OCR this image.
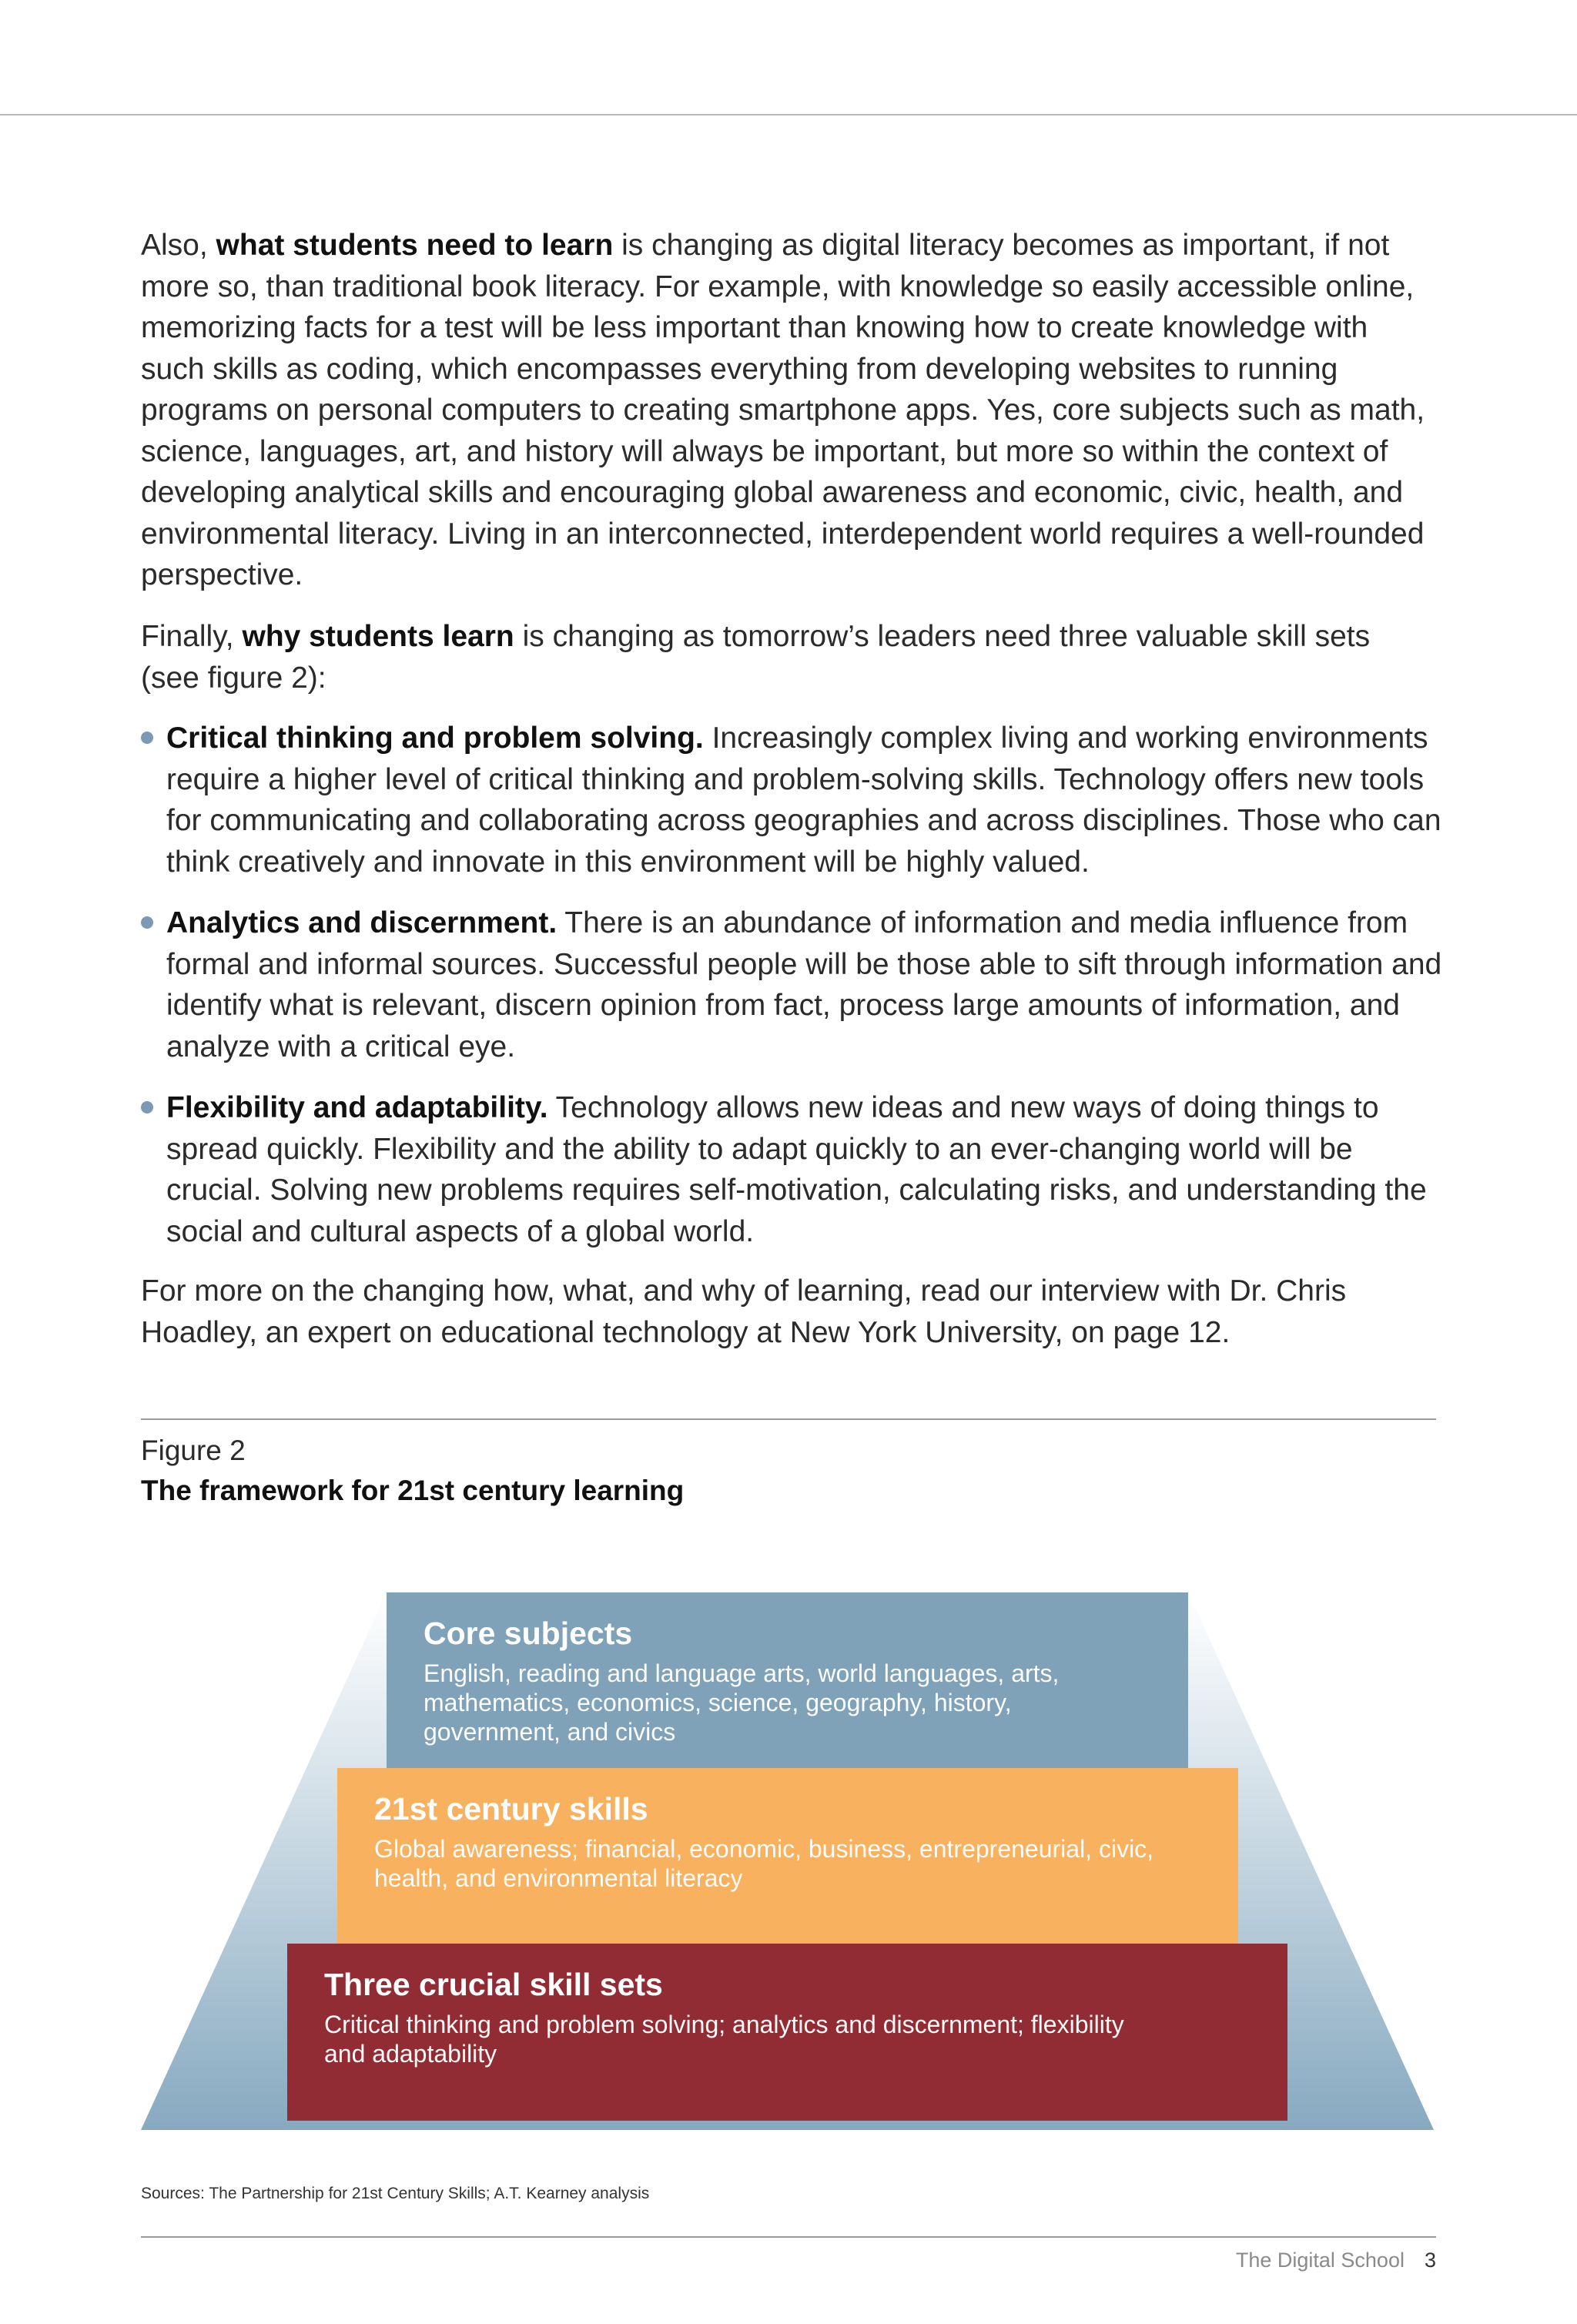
Also, what students need to learn is changing as digital literacy becomes as important, if not more so, than traditional book literacy. For example, with knowledge so easily accessible online, memorizing facts for a test will be less important than knowing how to create knowledge with such skills as coding, which encompasses everything from developing websites to running programs on personal computers to creating smartphone apps. Yes, core subjects such as math, science, languages, art, and history will always be important, but more so within the context of developing analytical skills and encouraging global awareness and economic, civic, health, and environmental literacy. Living in an interconnected, interdependent world requires a well-rounded perspective.

Finally, why students learn is changing as tomorrow’s leaders need three valuable skill sets (see figure 2):

Critical thinking and problem solving. Increasingly complex living and working environments require a higher level of critical thinking and problem-solving skills. Technology offers new tools for communicating and collaborating across geographies and across disciplines. Those who can think creatively and innovate in this environment will be highly valued.
Analytics and discernment. There is an abundance of information and media influence from formal and informal sources. Successful people will be those able to sift through information and identify what is relevant, discern opinion from fact, process large amounts of information, and analyze with a critical eye.
Flexibility and adaptability. Technology allows new ideas and new ways of doing things to spread quickly. Flexibility and the ability to adapt quickly to an ever-changing world will be crucial. Solving new problems requires self-motivation, calculating risks, and understanding the social and cultural aspects of a global world.

For more on the changing how, what, and why of learning, read our interview with Dr. Chris Hoadley, an expert on educational technology at New York University, on page 12.

Figure 2
The framework for 21st century learning
Core subjects
English, reading and language arts, world languages, arts, mathematics, economics, science, geography, history, government, and civics
21st century skills
Global awareness; financial, economic, business, entrepreneurial, civic, health, and environmental literacy
Three crucial skill sets
Critical thinking and problem solving; analytics and discernment; flexibility and adaptability
Sources: The Partnership for 21st Century Skills; A.T. Kearney analysis
The Digital School 3
